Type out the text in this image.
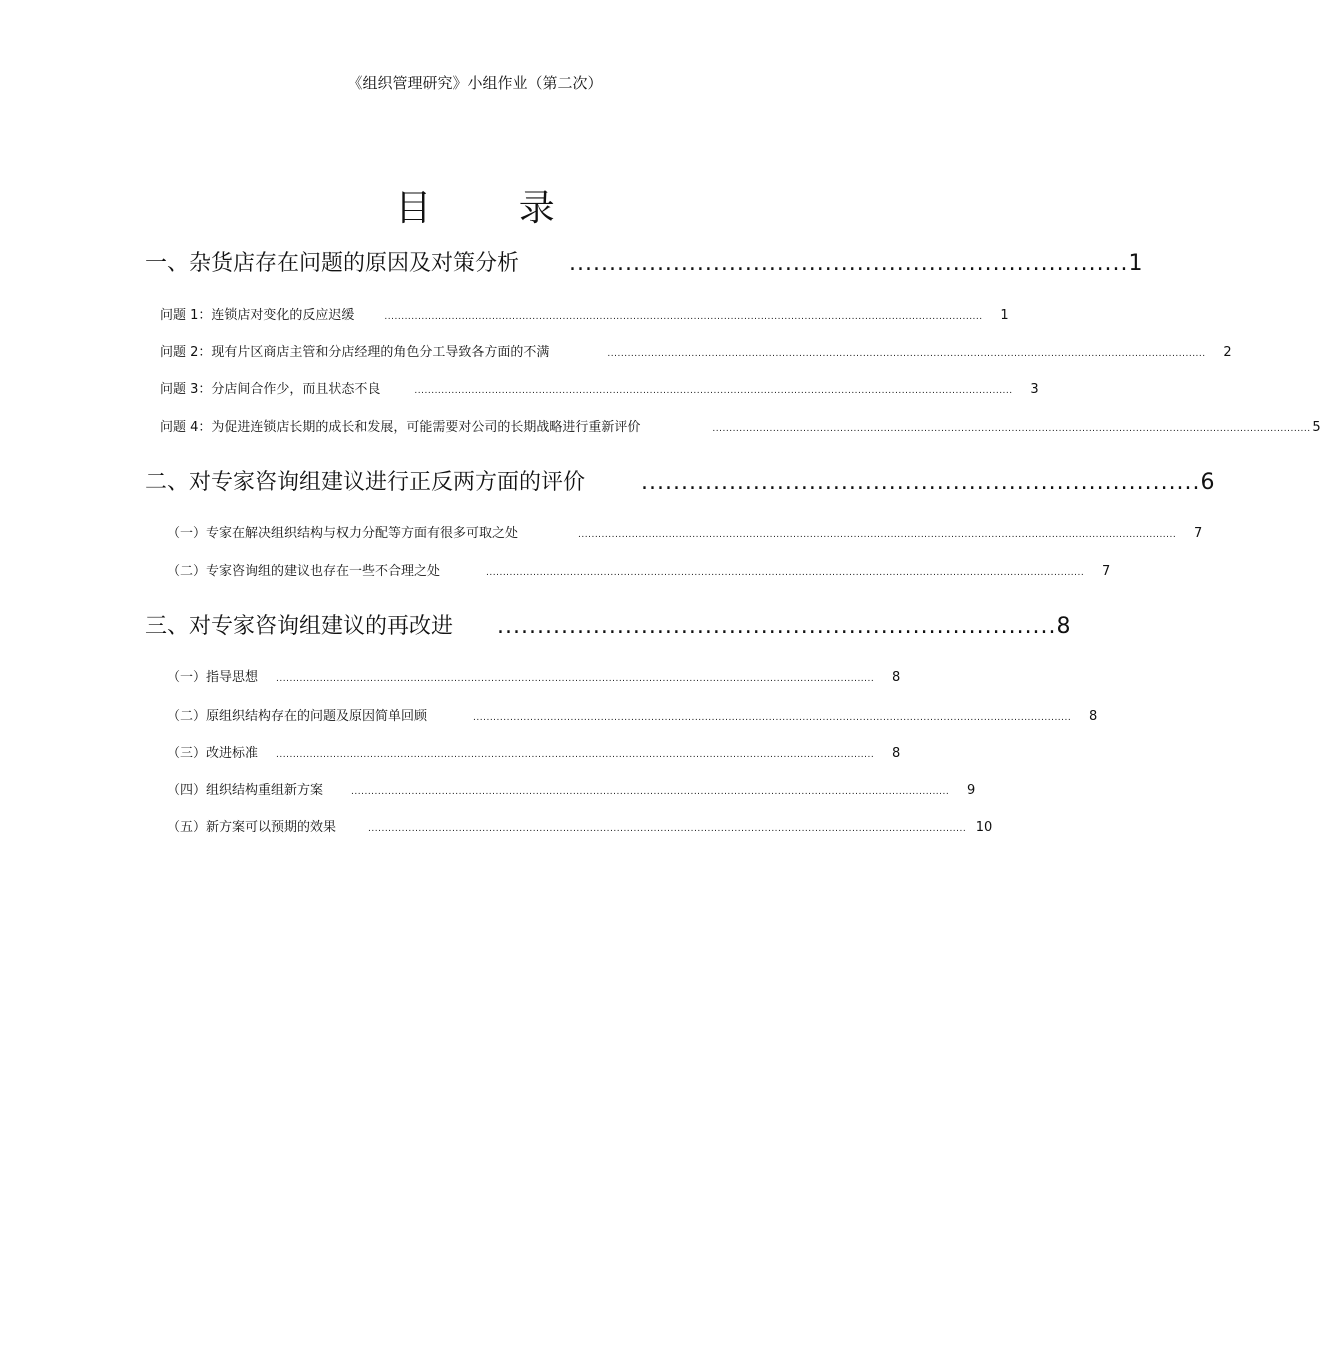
《组织管理研究》小组作业（第二次）
目 录
一、杂货店存在问题的原因及对策分析 ...................................................................... 1
问题 1：连锁店对变化的反应迟缓	..................................................................................................................................................................................	1
问题 2：现有片区商店主管和分店经理的角色分工导致各方面的不满	..................................................................................................................................................................................	2
问题 3：分店间合作少，而且状态不良	..................................................................................................................................................................................	3
问题 4：为促进连锁店长期的成长和发展，可能需要对公司的长期战略进行重新评价	.................................................................................................................................................................................. 5
二、对专家咨询组建议进行正反两方面的评价	...................................................................... 6
（一）专家在解决组织结构与权力分配等方面有很多可取之处	..................................................................................................................................................................................	7
（二）专家咨询组的建议也存在一些不合理之处	..................................................................................................................................................................................	7
三、对专家咨询组建议的再改进 ...................................................................... 8
（一）指导思想 ..................................................................................................................................................................................	8
（二）原组织结构存在的问题及原因简单回顾	..................................................................................................................................................................................	8
（三）改进标准 ..................................................................................................................................................................................	8
（四）组织结构重组新方案	..................................................................................................................................................................................	9
（五）新方案可以预期的效果	.................................................................................................................................................................................. 10
